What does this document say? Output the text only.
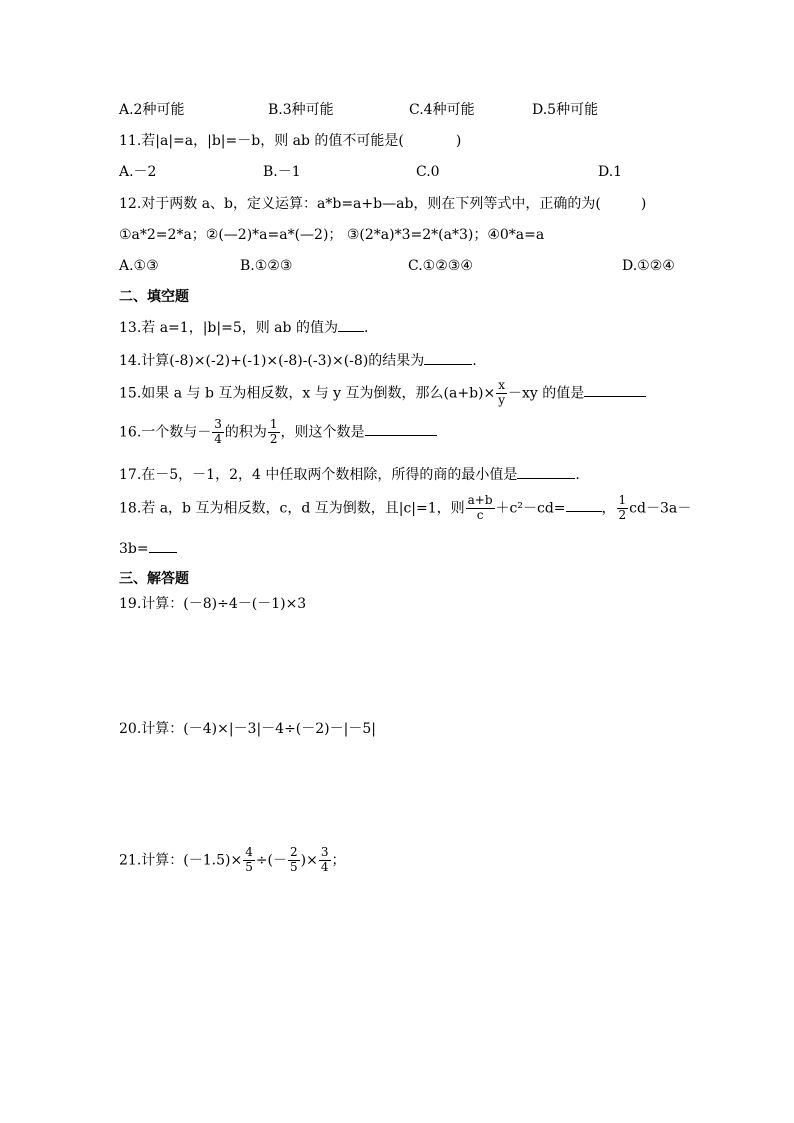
A.2种可能	B.3种可能	C.4种可能	D.5种可能
11.若|a|=a，|b|=－b，则 ab 的值不可能是(	)
A.－2	B.－1	C.0	D.1
12.对于两数 a、b，定义运算：a*b=a+b—ab，则在下列等式中，正确的为(	)
①a*2=2*a；②(—2)*a=a*(—2)； ③(2*a)*3=2*(a*3)；④0*a=a
A.①③	B.①②③	C.①②③④	D.①②④
二、填空题
13.若 a=1，|b|=5，则 ab 的值为 .
14.计算(-8)×(-2)+(-1)×(-8)-(-3)×(-8)的结果为	.
15.如果 a 与 b 互为相反数，x 与 y 互为倒数，那么$(a+b)\times \frac{x}{y} -xy$ 的值是
16.一个数与－ $\frac{3}{4}$ 的积为 $\frac{1}{2}$ ，则这个数是
17.在－5，－1，2，4 中任取两个数相除，所得的商的最小值是	.
18.若 a，b 互为相反数，c，d 互为倒数，且|c|=1，则 $\frac{a+b}{c} +c^2-cd=$	， $\frac{1}{2} cd-3a-$
3b=
三、解答题
19.计算：(－8)÷4－(－1)×3
20.计算：(－4)×|－3|－4÷(－2)－|－5|
21.计算：$(-1.5)\times \frac{4}{5}$ ÷(－ $\frac{2}{5}$ )× $\frac{3}{4}$ ；
